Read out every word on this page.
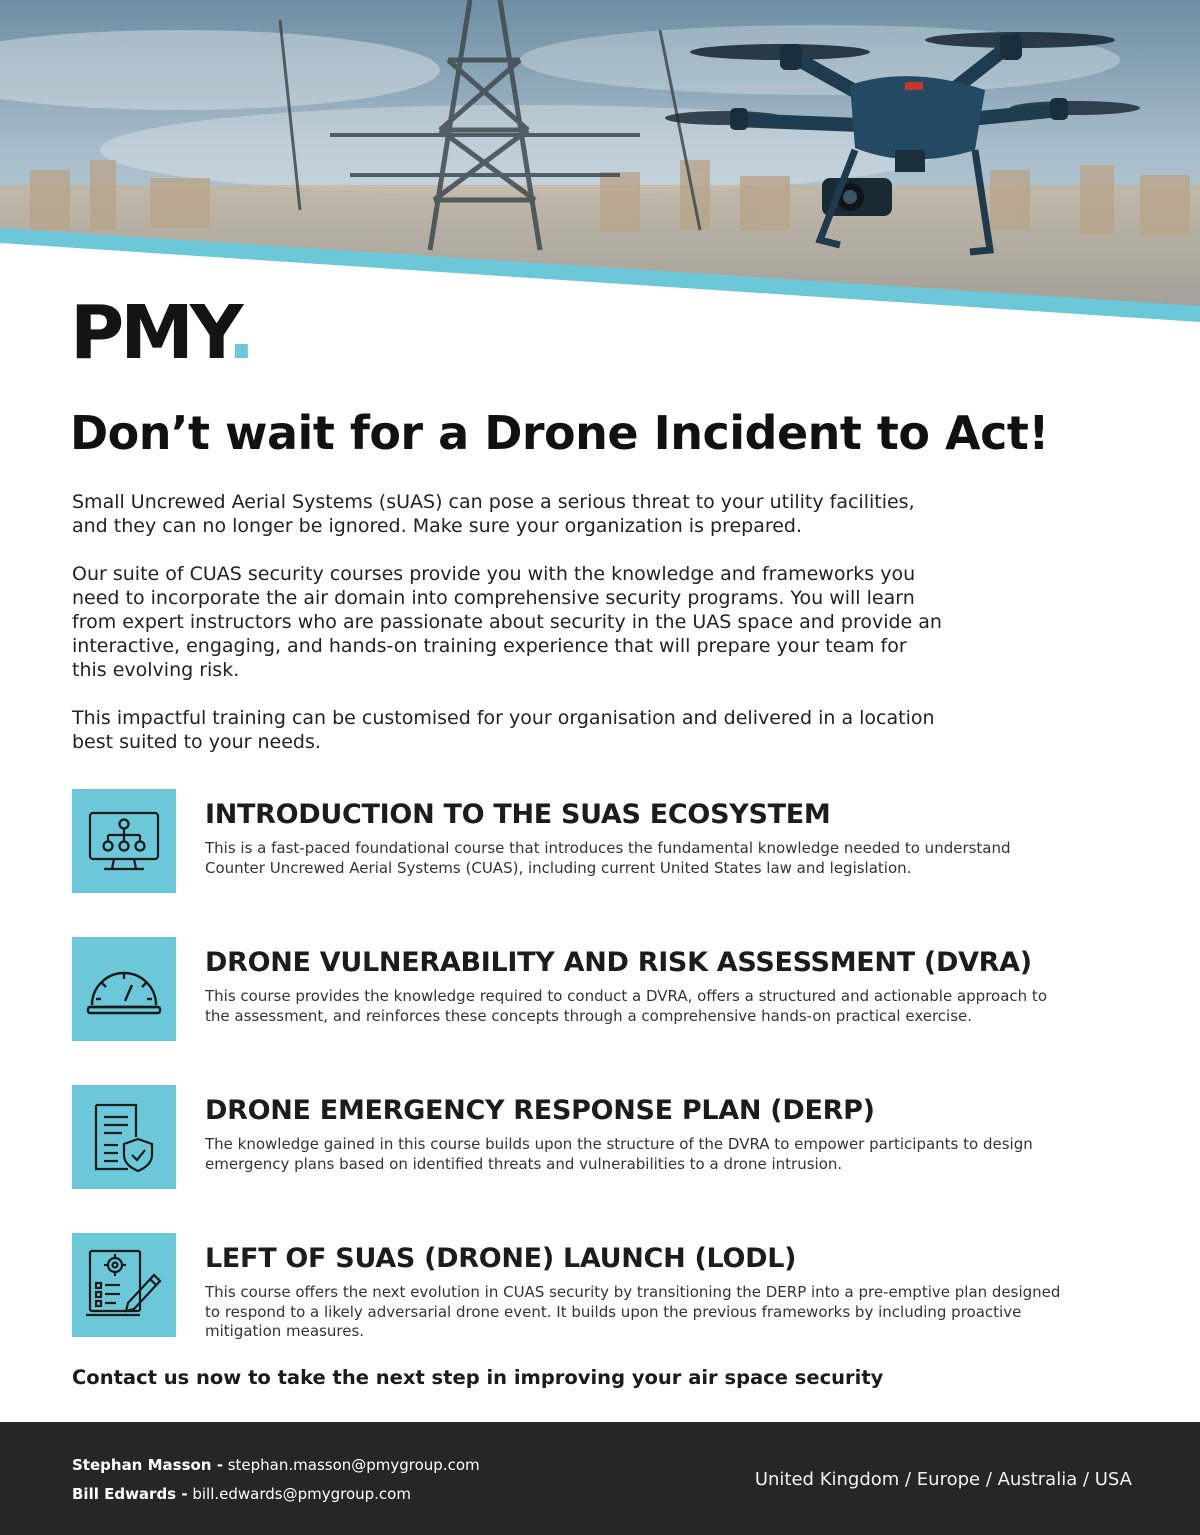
PMY.
Don’t wait for a Drone Incident to Act!

Small Uncrewed Aerial Systems (sUAS) can pose a serious threat to your utility facilities, and they can no longer be ignored. Make sure your organization is prepared.

Our suite of CUAS security courses provide you with the knowledge and frameworks you need to incorporate the air domain into comprehensive security programs. You will learn from expert instructors who are passionate about security in the UAS space and provide an interactive, engaging, and hands-on training experience that will prepare your team for this evolving risk.

This impactful training can be customised for your organisation and delivered in a location best suited to your needs.

INTRODUCTION TO THE SUAS ECOSYSTEM

This is a fast-paced foundational course that introduces the fundamental knowledge needed to understand Counter Uncrewed Aerial Systems (CUAS), including current United States law and legislation.

DRONE VULNERABILITY AND RISK ASSESSMENT (DVRA)

This course provides the knowledge required to conduct a DVRA, offers a structured and actionable approach to the assessment, and reinforces these concepts through a comprehensive hands-on practical exercise.

DRONE EMERGENCY RESPONSE PLAN (DERP)

The knowledge gained in this course builds upon the structure of the DVRA to empower participants to design emergency plans based on identified threats and vulnerabilities to a drone intrusion.

LEFT OF SUAS (DRONE) LAUNCH (LODL)

This course offers the next evolution in CUAS security by transitioning the DERP into a pre-emptive plan designed to respond to a likely adversarial drone event. It builds upon the previous frameworks by including proactive mitigation measures.

Contact us now to take the next step in improving your air space security

Stephan Masson - stephan.masson@pmygroup.com
Bill Edwards - bill.edwards@pmygroup.com
United Kingdom / Europe / Australia / USA
